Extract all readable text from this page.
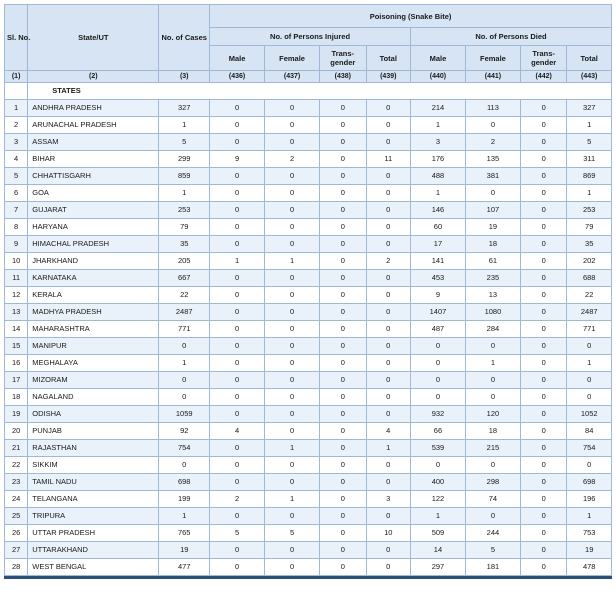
Sl. No.	State/UT	No. of Cases	Poisoning (Snake Bite)							
			No. of Persons Injured				No. of Persons Died			
			Male	Female	Trans-gender	Total	Male	Female	Trans-gender	Total
(1)	(2)	(3)	(436)	(437)	(438)	(439)	(440)	(441)	(442)	(443)
	STATES									
1	ANDHRA PRADESH	327	0	0	0	0	214	113	0	327
2	ARUNACHAL PRADESH	1	0	0	0	0	1	0	0	1
3	ASSAM	5	0	0	0	0	3	2	0	5
4	BIHAR	299	9	2	0	11	176	135	0	311
5	CHHATTISGARH	859	0	0	0	0	488	381	0	869
6	GOA	1	0	0	0	0	1	0	0	1
7	GUJARAT	253	0	0	0	0	146	107	0	253
8	HARYANA	79	0	0	0	0	60	19	0	79
9	HIMACHAL PRADESH	35	0	0	0	0	17	18	0	35
10	JHARKHAND	205	1	1	0	2	141	61	0	202
11	KARNATAKA	667	0	0	0	0	453	235	0	688
12	KERALA	22	0	0	0	0	9	13	0	22
13	MADHYA PRADESH	2487	0	0	0	0	1407	1080	0	2487
14	MAHARASHTRA	771	0	0	0	0	487	284	0	771
15	MANIPUR	0	0	0	0	0	0	0	0	0
16	MEGHALAYA	1	0	0	0	0	0	1	0	1
17	MIZORAM	0	0	0	0	0	0	0	0	0
18	NAGALAND	0	0	0	0	0	0	0	0	0
19	ODISHA	1059	0	0	0	0	932	120	0	1052
20	PUNJAB	92	4	0	0	4	66	18	0	84
21	RAJASTHAN	754	0	1	0	1	539	215	0	754
22	SIKKIM	0	0	0	0	0	0	0	0	0
23	TAMIL NADU	698	0	0	0	0	400	298	0	698
24	TELANGANA	199	2	1	0	3	122	74	0	196
25	TRIPURA	1	0	0	0	0	1	0	0	1
26	UTTAR PRADESH	765	5	5	0	10	509	244	0	753
27	UTTARAKHAND	19	0	0	0	0	14	5	0	19
28	WEST BENGAL	477	0	0	0	0	297	181	0	478
